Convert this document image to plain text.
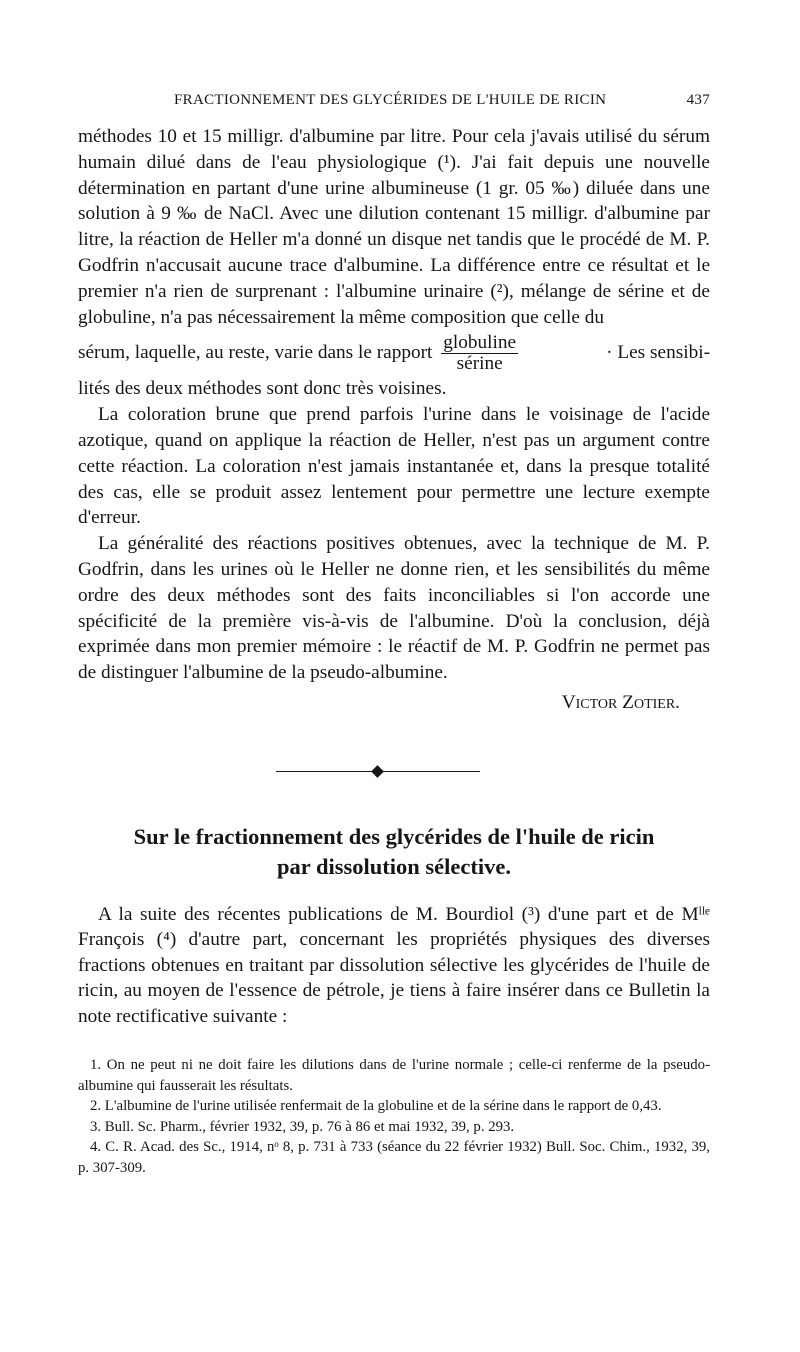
FRACTIONNEMENT DES GLYCÉRIDES DE L'HUILE DE RICIN	437

méthodes 10 et 15 milligr. d'albumine par litre. Pour cela j'avais utilisé du sérum humain dilué dans de l'eau physiologique (¹). J'ai fait depuis une nouvelle détermination en partant d'une urine albumineuse (1 gr. 05 ‰) diluée dans une solution à 9 ‰ de NaCl. Avec une dilution contenant 15 milligr. d'albumine par litre, la réaction de Heller m'a donné un disque net tandis que le procédé de M. P. Godfrin n'accusait aucune trace d'albumine. La différence entre ce résultat et le premier n'a rien de surprenant : l'albumine urinaire (²), mélange de sérine et de globuline, n'a pas nécessairement la même composition que celle du

sérum, laquelle, au reste, varie dans le rapport $\frac{\text{globuline}}{\text{sérine}}$	· Les sensibi-

lités des deux méthodes sont donc très voisines.

La coloration brune que prend parfois l'urine dans le voisinage de l'acide azotique, quand on applique la réaction de Heller, n'est pas un argument contre cette réaction. La coloration n'est jamais instantanée et, dans la presque totalité des cas, elle se produit assez lentement pour permettre une lecture exempte d'erreur.

La généralité des réactions positives obtenues, avec la technique de M. P. Godfrin, dans les urines où le Heller ne donne rien, et les sensibilités du même ordre des deux méthodes sont des faits inconciliables si l'on accorde une spécificité de la première vis-à-vis de l'albumine. D'où la conclusion, déjà exprimée dans mon premier mémoire : le réactif de M. P. Godfrin ne permet pas de distinguer l'albumine de la pseudo-albumine.

Victor Zotier.

Sur le fractionnement des glycérides de l'huile de ricin
par dissolution sélective.

A la suite des récentes publications de M. Bourdiol (³) d'une part et de Mˡˡᵉ François (⁴) d'autre part, concernant les propriétés physiques des diverses fractions obtenues en traitant par dissolution sélective les glycérides de l'huile de ricin, au moyen de l'essence de pétrole, je tiens à faire insérer dans ce Bulletin la note rectificative suivante :

1. On ne peut ni ne doit faire les dilutions dans de l'urine normale ; celle-ci renferme de la pseudo-albumine qui fausserait les résultats.

2. L'albumine de l'urine utilisée renfermait de la globuline et de la sérine dans le rapport de 0,43.

3. Bull. Sc. Pharm., février 1932, 39, p. 76 à 86 et mai 1932, 39, p. 293.

4. C. R. Acad. des Sc., 1914, nᵒ 8, p. 731 à 733 (séance du 22 février 1932) Bull. Soc. Chim., 1932, 39, p. 307-309.
